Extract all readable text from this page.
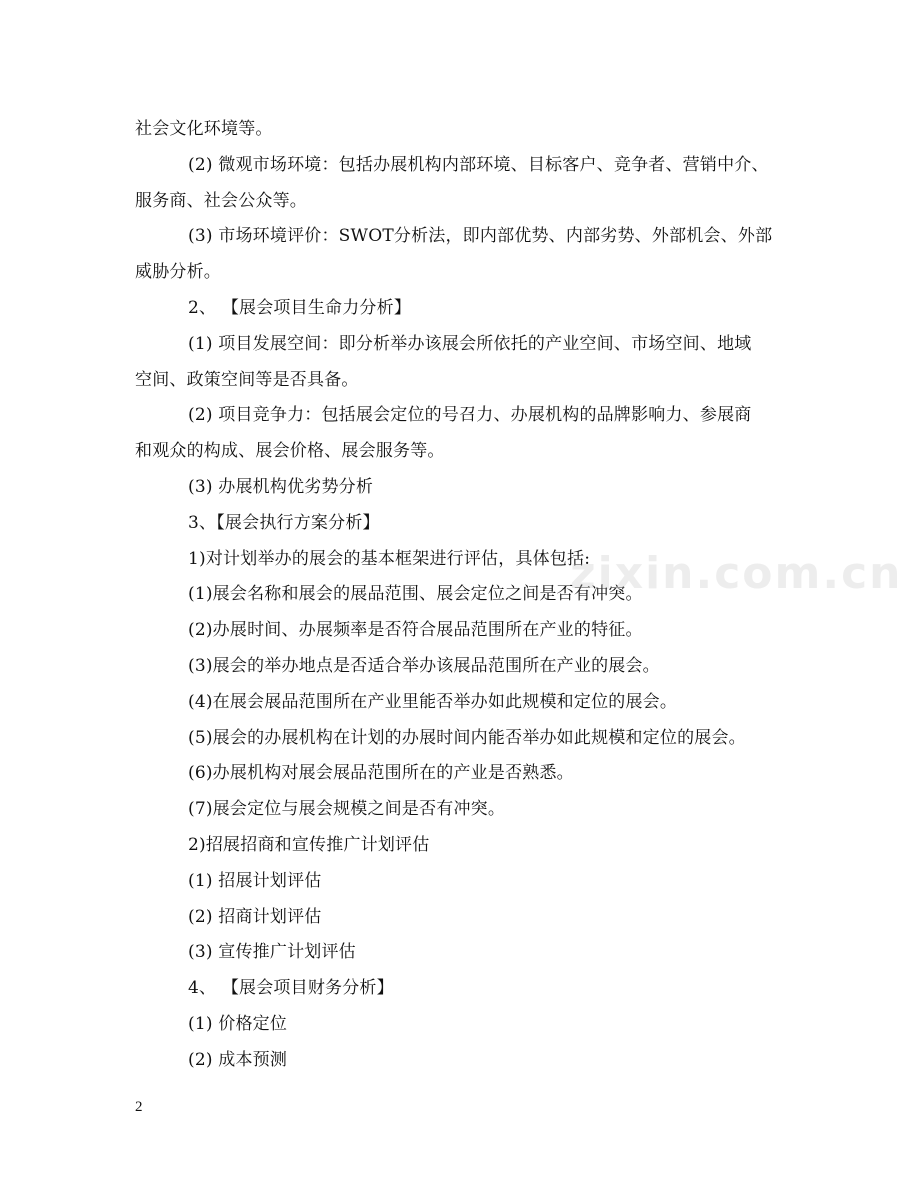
社会文化环境等。
(2) 微观市场环境：包括办展机构内部环境、目标客户、竞争者、营销中介、
服务商、社会公众等。
(3) 市场环境评价：SWOT分析法，即内部优势、内部劣势、外部机会、外部
威胁分析。
2、 【展会项目生命力分析】
(1) 项目发展空间：即分析举办该展会所依托的产业空间、市场空间、地域
空间、政策空间等是否具备。
(2) 项目竞争力：包括展会定位的号召力、办展机构的品牌影响力、参展商
和观众的构成、展会价格、展会服务等。
(3) 办展机构优劣势分析
3、【展会执行方案分析】
1)对计划举办的展会的基本框架进行评估，具体包括:
(1)展会名称和展会的展品范围、展会定位之间是否有冲突。
(2)办展时间、办展频率是否符合展品范围所在产业的特征。
(3)展会的举办地点是否适合举办该展品范围所在产业的展会。
(4)在展会展品范围所在产业里能否举办如此规模和定位的展会。
(5)展会的办展机构在计划的办展时间内能否举办如此规模和定位的展会。
(6)办展机构对展会展品范围所在的产业是否熟悉。
(7)展会定位与展会规模之间是否有冲突。
2)招展招商和宣传推广计划评估
(1) 招展计划评估
(2) 招商计划评估
(3) 宣传推广计划评估
4、 【展会项目财务分析】
(1) 价格定位
(2) 成本预测
zixin.com.cn
2
